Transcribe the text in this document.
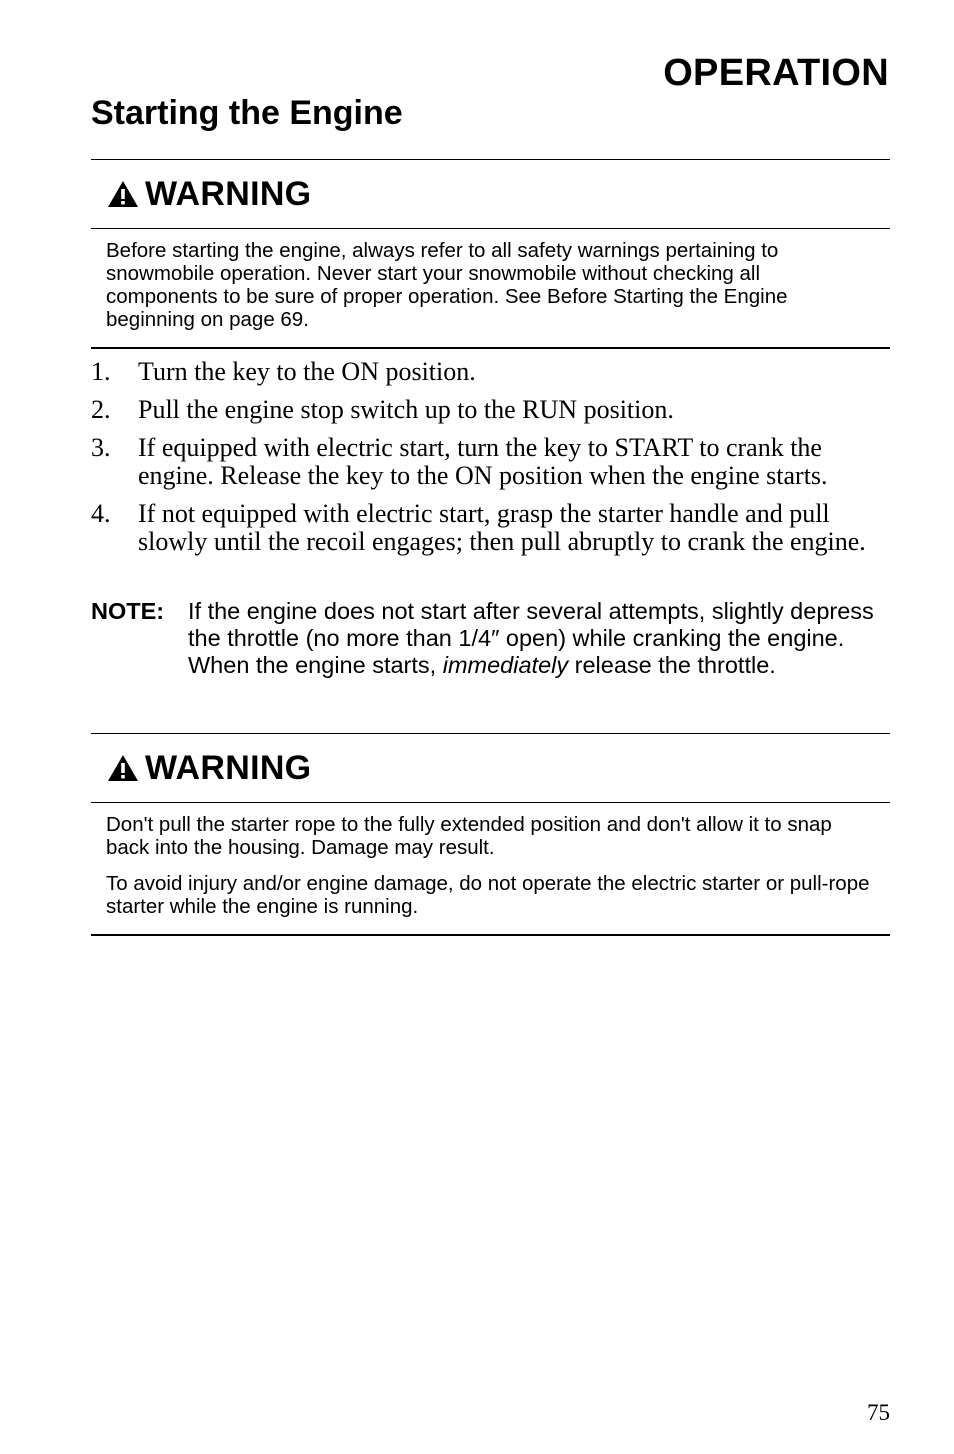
OPERATION
Starting the Engine
WARNING

Before starting the engine, always refer to all safety warnings pertaining to snowmobile operation. Never start your snowmobile without checking all components to be sure of proper operation. See Before Starting the Engine beginning on page 69.

1. Turn the key to the ON position.
2. Pull the engine stop switch up to the RUN position.
3. If equipped with electric start, turn the key to START to crank the engine. Release the key to the ON position when the engine starts.
4. If not equipped with electric start, grasp the starter handle and pull slowly until the recoil engages; then pull abruptly to crank the engine.
NOTE: If the engine does not start after several attempts, slightly depress the throttle (no more than 1/4″ open) while cranking the engine. When the engine starts, immediately release the throttle.
WARNING

Don't pull the starter rope to the fully extended position and don't allow it to snap back into the housing. Damage may result.

To avoid injury and/or engine damage, do not operate the electric starter or pull-rope starter while the engine is running.

75
